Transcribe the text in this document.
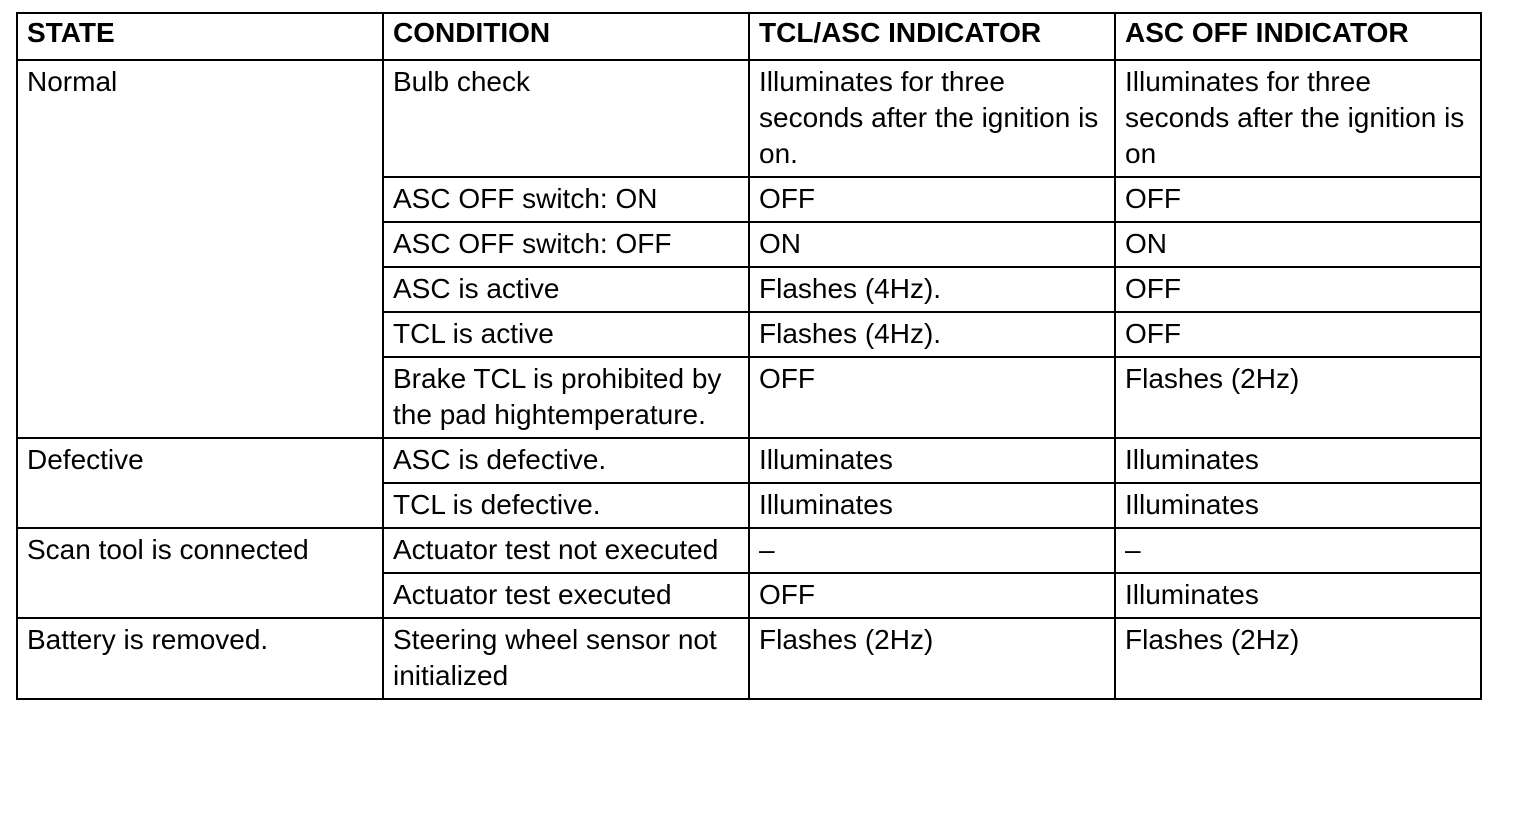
STATE	CONDITION	TCL/ASC INDICATOR	ASC OFF INDICATOR
Normal	Bulb check	Illuminates for three seconds after the ignition is on.	Illuminates for three seconds after the ignition is on
	ASC OFF switch: ON	OFF	OFF
	ASC OFF switch: OFF	ON	ON
	ASC is active	Flashes (4Hz).	OFF
	TCL is active	Flashes (4Hz).	OFF
	Brake TCL is prohibited by the pad hightemperature.	OFF	Flashes (2Hz)
Defective	ASC is defective.	Illuminates	Illuminates
	TCL is defective.	Illuminates	Illuminates
Scan tool is connected	Actuator test not executed	–	–
	Actuator test executed	OFF	Illuminates
Battery is removed.	Steering wheel sensor not initialized	Flashes (2Hz)	Flashes (2Hz)
